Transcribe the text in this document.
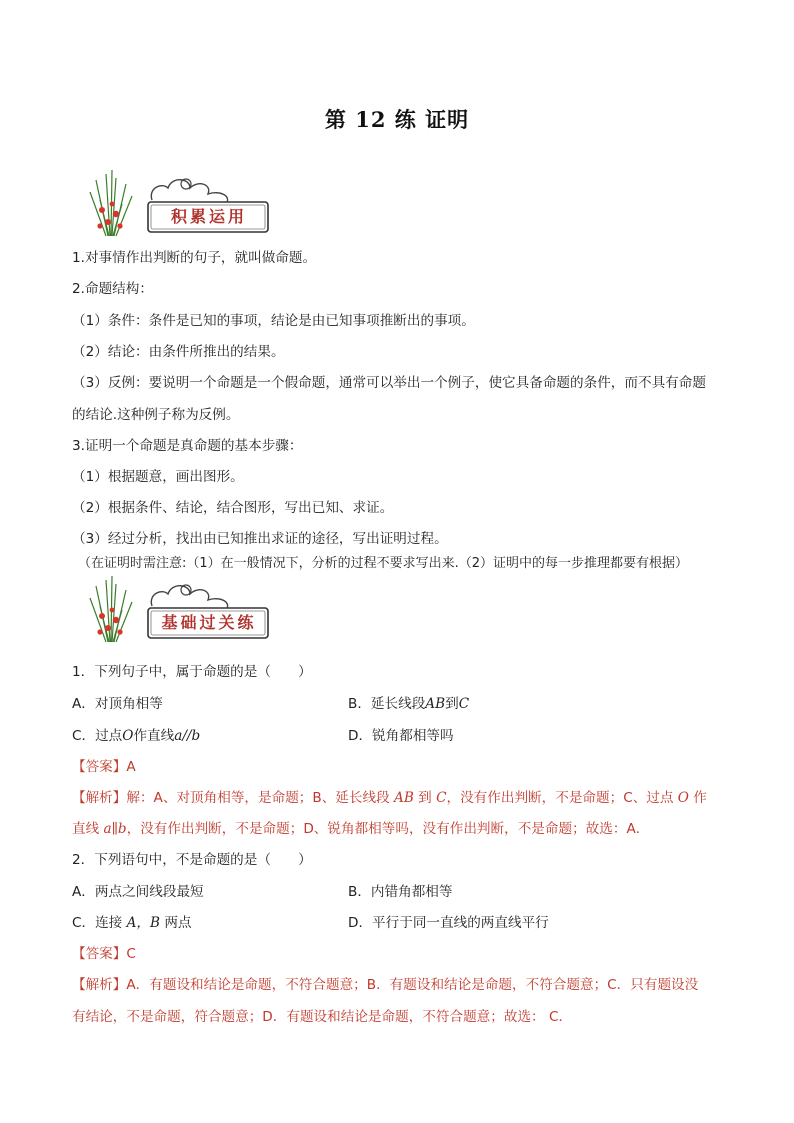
第 12 练 证明
积累运用
1.对事情作出判断的句子，就叫做命题。
2.命题结构：
（1）条件：条件是已知的事项，结论是由已知事项推断出的事项。
（2）结论：由条件所推出的结果。
（3）反例：要说明一个命题是一个假命题，通常可以举出一个例子，使它具备命题的条件，而不具有命题
的结论.这种例子称为反例。
3.证明一个命题是真命题的基本步骤：
（1）根据题意，画出图形。
（2）根据条件、结论，结合图形，写出已知、求证。
（3）经过分析，找出由已知推出求证的途径，写出证明过程。
（在证明时需注意:（1）在一般情况下，分析的过程不要求写出来.（2）证明中的每一步推理都要有根据）
基础过关练
1．下列句子中，属于命题的是（　　）
A．对顶角相等	B．延长线段AB到C
C．过点O作直线a//b	D．锐角都相等吗
【答案】A
【解析】解：A、对顶角相等，是命题；B、延长线段 AB 到 C，没有作出判断，不是命题；C、过点 O 作
直线 a∥b，没有作出判断，不是命题；D、锐角都相等吗，没有作出判断，不是命题；故选：A．
2．下列语句中，不是命题的是（　　）
A．两点之间线段最短	B．内错角都相等
C．连接 A，B 两点	D．平行于同一直线的两直线平行
【答案】C
【解析】A．有题设和结论是命题，不符合题意；B．有题设和结论是命题，不符合题意；C．只有题设没
有结论，不是命题，符合题意；D．有题设和结论是命题，不符合题意；故选： C．
